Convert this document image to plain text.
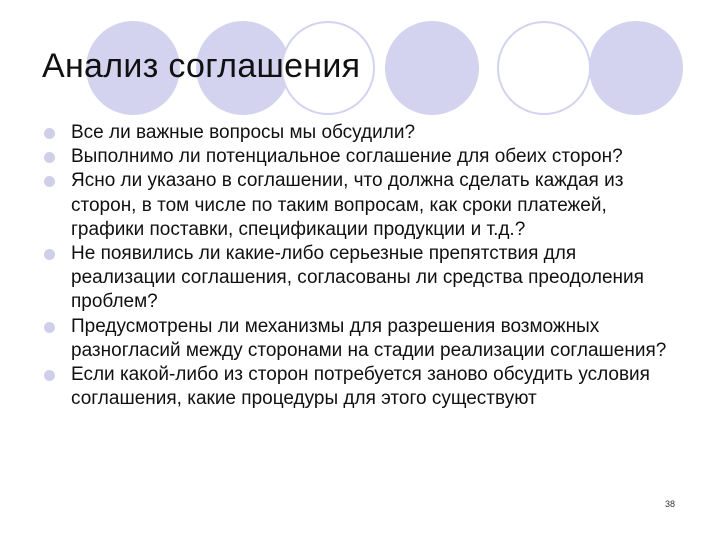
Анализ соглашения
Все ли важные вопросы мы обсудили?
Выполнимо ли потенциальное соглашение для обеих сторон?
Ясно ли указано в соглашении, что должна сделать каждая из сторон, в том числе по таким вопросам, как сроки платежей, графики поставки, спецификации продукции и т.д.?
Не появились ли какие-либо серьезные препятствия для реализации соглашения, согласованы ли средства преодоления проблем?
Предусмотрены ли механизмы для разрешения возможных разногласий между сторонами на стадии реализации соглашения?
Если какой-либо из сторон потребуется заново обсудить условия соглашения, какие процедуры для этого существуют
38
